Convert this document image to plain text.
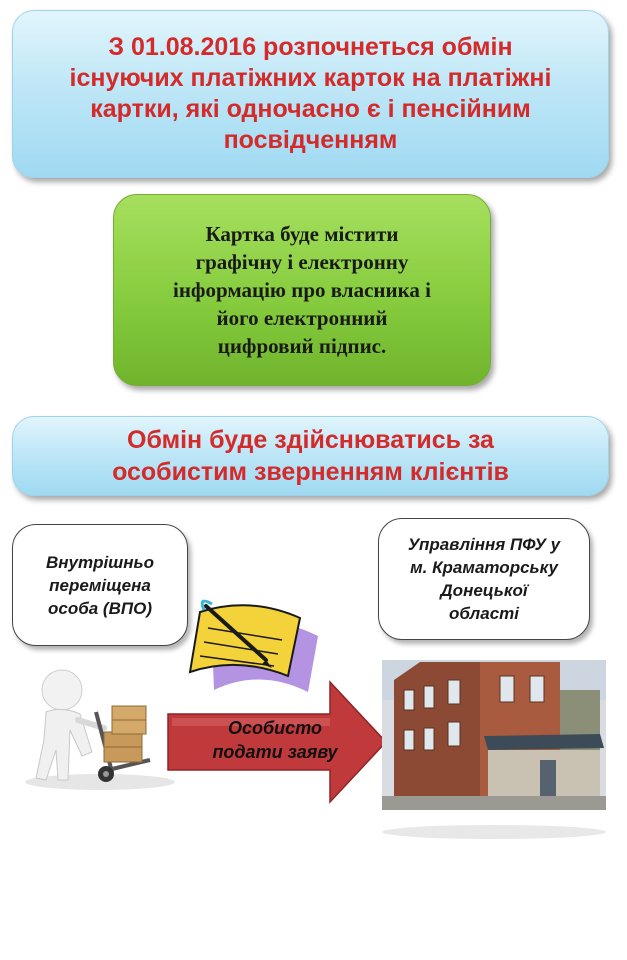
З 01.08.2016 розпочнеться обмін
існуючих платіжних карток на платіжні
картки, які одночасно є і пенсійним
посвідченням
Картка буде містити
графічну і електронну
інформацію про власника і
його електронний
цифровий підпис.
Обмін буде здійснюватись за
особистим зверненням клієнтів
Внутрішньо
переміщена
особа (ВПО)
Управління ПФУ у
м. Краматорську
Донецької
області
Особисто
подати заяву
